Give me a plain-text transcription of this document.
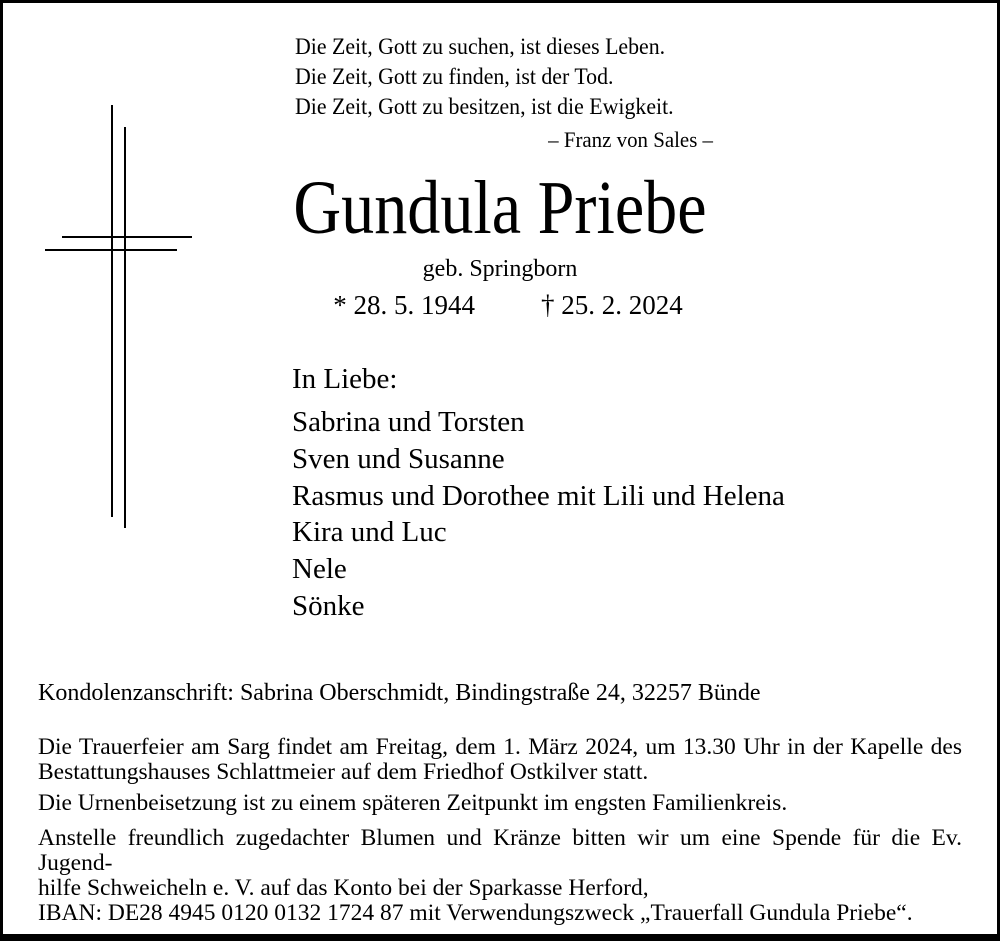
Die Zeit, Gott zu suchen, ist dieses Leben.
Die Zeit, Gott zu finden, ist der Tod.
Die Zeit, Gott zu besitzen, ist die Ewigkeit.
– Franz von Sales –
Gundula Priebe
geb. Springborn
* 28. 5. 1944 † 25. 2. 2024
In Liebe:
Sabrina und Torsten
Sven und Susanne
Rasmus und Dorothee mit Lili und Helena
Kira und Luc
Nele
Sönke
Kondolenzanschrift: Sabrina Oberschmidt, Bindingstraße 24, 32257 Bünde
Die Trauerfeier am Sarg findet am Freitag, dem 1. März 2024, um 13.30 Uhr in der Kapelle des
Bestattungshauses Schlattmeier auf dem Friedhof Ostkilver statt.
Die Urnenbeisetzung ist zu einem späteren Zeitpunkt im engsten Familienkreis.
Anstelle freundlich zugedachter Blumen und Kränze bitten wir um eine Spende für die Ev. Jugend-
hilfe Schweicheln e. V. auf das Konto bei der Sparkasse Herford,
IBAN: DE28 4945 0120 0132 1724 87 mit Verwendungszweck „Trauerfall Gundula Priebe“.
